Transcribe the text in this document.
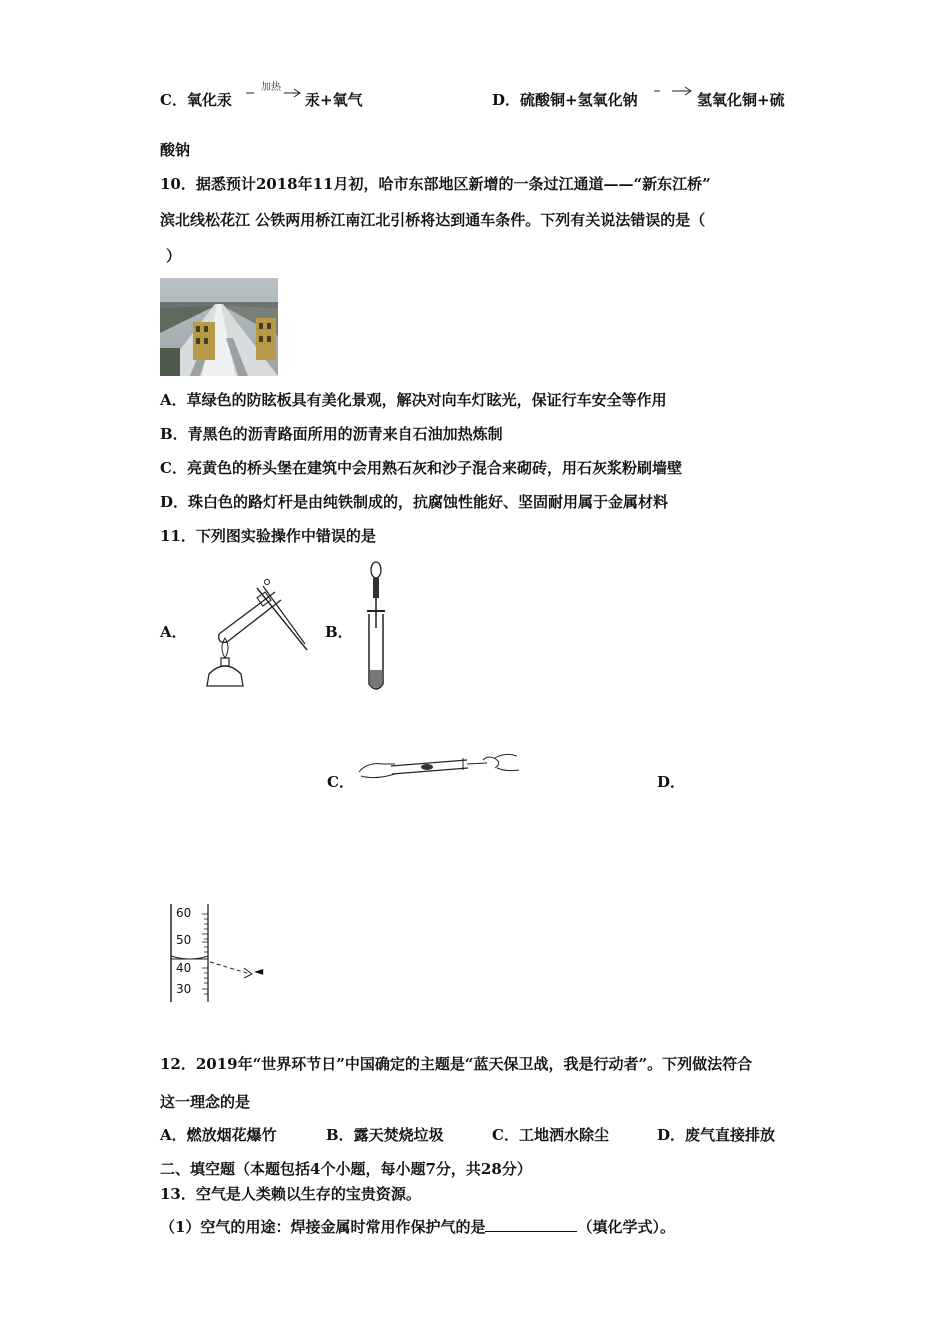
C．氧化汞
加热
汞+氧气	D．硫酸铜+氢氧化钠	氢氧化铜+硫
酸钠
10．据悉预计2018年11月初，哈市东部地区新增的一条过江通道——“新东江桥”
滨北线松花江 公铁两用桥江南江北引桥将达到通车条件。下列有关说法错误的是（
）
A．草绿色的防眩板具有美化景观，解决对向车灯眩光，保证行车安全等作用
B．青黑色的沥青路面所用的沥青来自石油加热炼制
C．亮黄色的桥头堡在建筑中会用熟石灰和沙子混合来砌砖，用石灰浆粉刷墙壁
D．珠白色的路灯杆是由纯铁制成的，抗腐蚀性能好、坚固耐用属于金属材料
11．下列图实验操作中错误的是
A．	B．
C．	D．
◄
60
50
40
30
12．2019年“世界环节日”中国确定的主题是“蓝天保卫战，我是行动者”。下列做法符合
这一理念的是
A．燃放烟花爆竹	B．露天焚烧垃圾	C．工地洒水除尘	D．废气直接排放
二、填空题（本题包括4个小题，每小题7分，共28分）
13．空气是人类赖以生存的宝贵资源。
（1）空气的用途：焊接金属时常用作保护气的是	（填化学式）。
